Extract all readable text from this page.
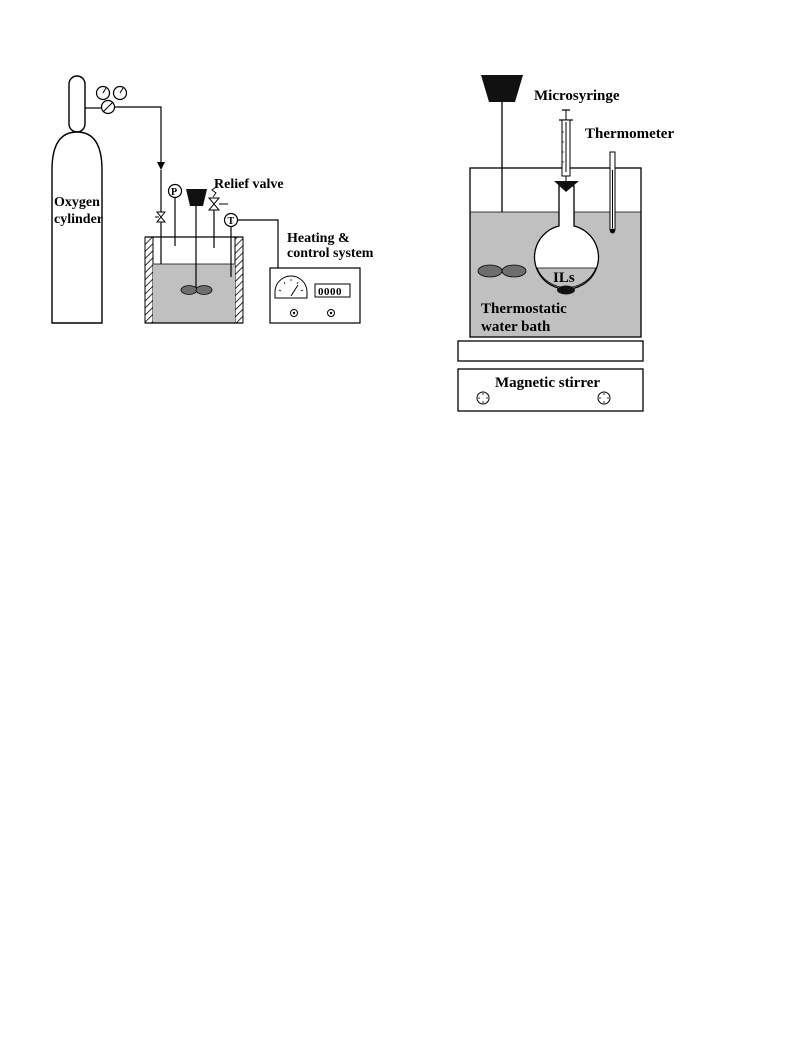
Oxygen
cylinder
P
Relief valve
T
Heating &
control system
0000
Microsyringe
Thermostatic
water bath
ILs
Thermometer
Magnetic stirrer
